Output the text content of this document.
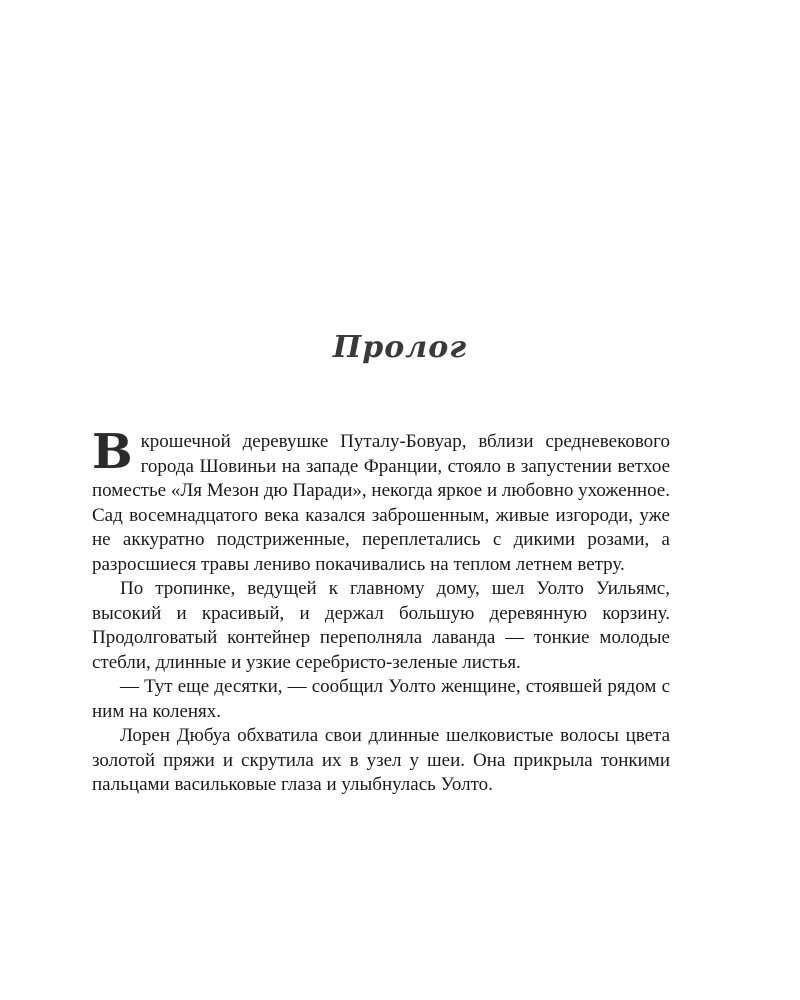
Пролог

В крошечной деревушке Путалу-Бовуар, вблизи средневекового города Шовиньи на западе Франции, стояло в запустении ветхое поместье «Ля Мезон дю Паради», некогда яркое и любовно ухоженное. Сад восемнадцатого века казался заброшенным, живые изгороди, уже не аккуратно подстриженные, переплетались с дикими розами, а разросшиеся травы лениво покачивались на теплом летнем ветру.

По тропинке, ведущей к главному дому, шел Уолто Уильямс, высокий и красивый, и держал большую деревянную корзину. Продолговатый контейнер переполняла лаванда — тонкие молодые стебли, длинные и узкие серебристо-зеленые листья.

— Тут еще десятки, — сообщил Уолто женщине, стоявшей рядом с ним на коленях.

Лорен Дюбуа обхватила свои длинные шелковистые волосы цвета золотой пряжи и скрутила их в узел у шеи. Она прикрыла тонкими пальцами васильковые глаза и улыбнулась Уолто.
